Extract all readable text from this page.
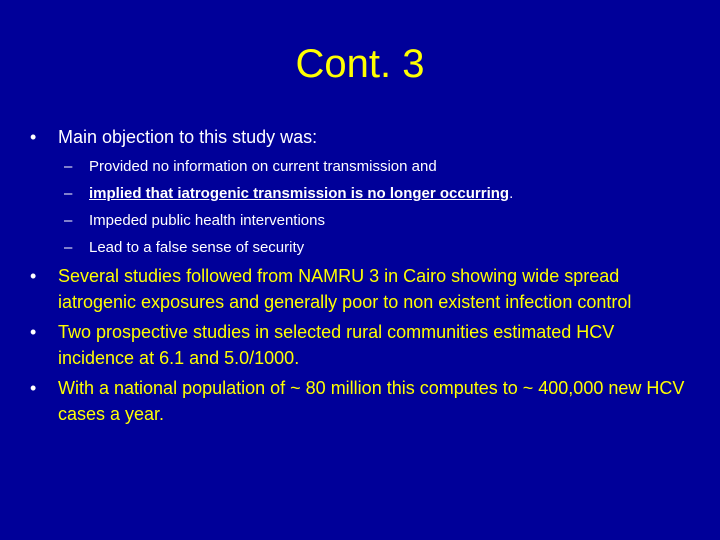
Cont. 3
• Main objection to this study was:
– Provided no information on current transmission and
– implied that iatrogenic transmission is no longer occurring.
– Impeded public health interventions
– Lead to a false sense of security
• Several studies followed from NAMRU 3 in Cairo showing wide spread iatrogenic exposures and generally poor to non existent infection control
• Two prospective studies in selected rural communities estimated HCV incidence at 6.1 and 5.0/1000.
• With a national population of ~ 80 million this computes to ~ 400,000 new HCV cases a year.
